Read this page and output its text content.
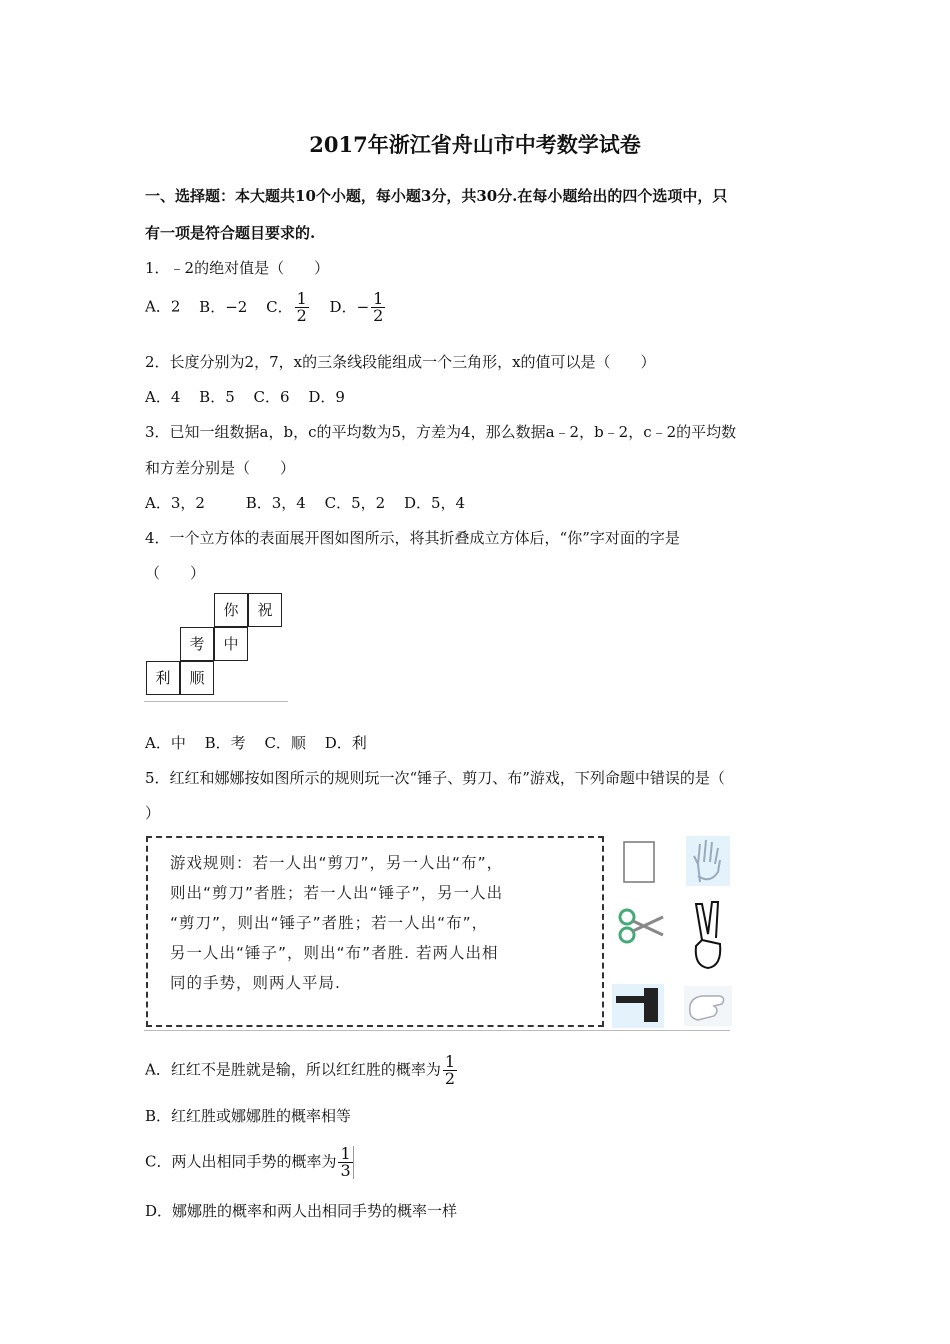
2017年浙江省舟山市中考数学试卷
一、选择题：本大题共10个小题，每小题3分，共30分.在每小题给出的四个选项中，只
有一项是符合题目要求的.
1．﹣2的绝对值是（　　）
A．2 B．−2 C． $\frac{1}{2}$ D．− $\frac{1}{2}$
2．长度分别为2，7，x的三条线段能组成一个三角形，x的值可以是（　　）
A．4 B．5 C．6 D．9
3．已知一组数据a，b，c的平均数为5，方差为4，那么数据a﹣2，b﹣2，c﹣2的平均数
和方差分别是（　　）
A．3，2	B．3，4 C．5，2 D．5，4
4．一个立方体的表面展开图如图所示，将其折叠成立方体后，“你”字对面的字是
（　　）
你	祝
考	中
利	顺
A．中 B．考 C．顺 D．利
5．红红和娜娜按如图所示的规则玩一次“锤子、剪刀、布”游戏，下列命题中错误的是（
）
游戏规则：若一人出“剪刀”，另一人出“布”，
则出“剪刀”者胜；若一人出“锤子”，另一人出
“剪刀”，则出“锤子”者胜；若一人出“布”，
另一人出“锤子”，则出“布”者胜. 若两人出相
同的手势，则两人平局.
A．红红不是胜就是输，所以红红胜的概率为 $\frac{1}{2}$
B．红红胜或娜娜胜的概率相等
C．两人出相同手势的概率为 $\frac{1}{3}$
D．娜娜胜的概率和两人出相同手势的概率一样
